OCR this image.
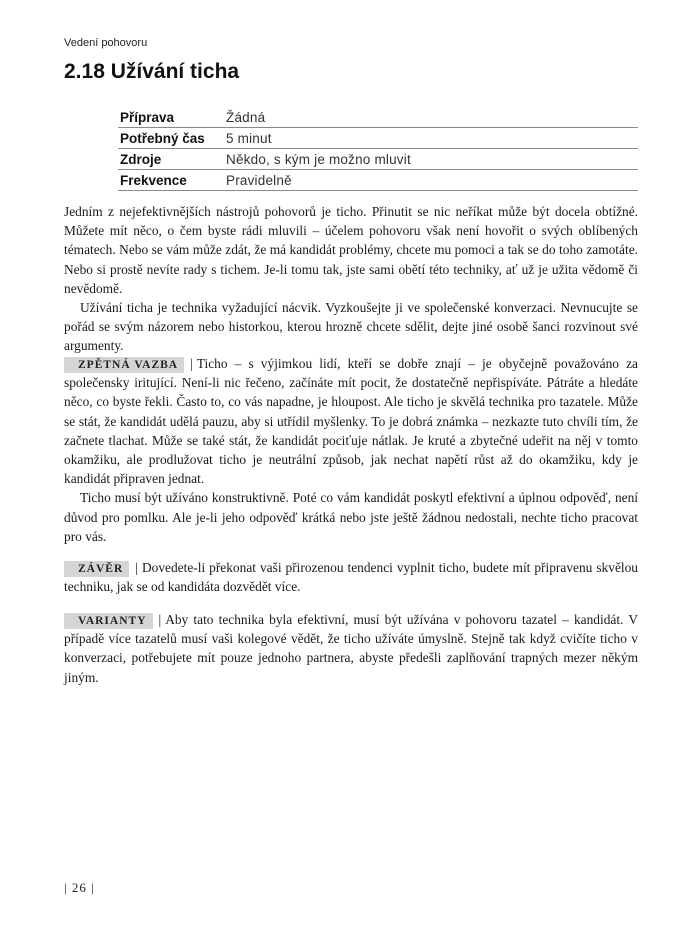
Vedení pohovoru
2.18 Užívání ticha
Příprava	Žádná
Potřebný čas	5 minut
Zdroje	Někdo, s kým je možno mluvit
Frekvence	Pravidelně

Jedním z nejefektivnějších nástrojů pohovorů je ticho. Přinutit se nic neříkat může být docela obtížné. Můžete mít něco, o čem byste rádi mluvili – účelem pohovoru však není hovořit o svých oblíbených tématech. Nebo se vám může zdát, že má kandidát problémy, chcete mu pomoci a tak se do toho zamotáte. Nebo si prostě nevíte rady s tichem. Je-li tomu tak, jste sami obětí této techniky, ať už je užita vědomě či nevědomě.

Užívání ticha je technika vyžadující nácvik. Vyzkoušejte ji ve společenské konverzaci. Nevnucujte se pořád se svým názorem nebo historkou, kterou hrozně chcete sdělit, dejte jiné osobě šanci rozvinout své argumenty.

ZPĚTNÁ VAZBA | Ticho – s výjimkou lidí, kteří se dobře znají – je obyčejně považováno za společensky iritující. Není-li nic řečeno, začínáte mít pocit, že dostatečně nepřispíváte. Pátráte a hledáte něco, co byste řekli. Často to, co vás napadne, je hloupost. Ale ticho je skvělá technika pro tazatele. Může se stát, že kandidát udělá pauzu, aby si utřídil myšlenky. To je dobrá známka – nezkazte tuto chvíli tím, že začnete tlachat. Může se také stát, že kandidát pociťuje nátlak. Je kruté a zbytečné udeřit na něj v tomto okamžiku, ale prodlužovat ticho je neutrální způsob, jak nechat napětí růst až do okamžiku, kdy je kandidát připraven jednat.

Ticho musí být užíváno konstruktivně. Poté co vám kandidát poskytl efektivní a úplnou odpověď, není důvod pro pomlku. Ale je-li jeho odpověď krátká nebo jste ještě žádnou nedostali, nechte ticho pracovat pro vás.

ZÁVĚR | Dovedete-li překonat vaši přirozenou tendenci vyplnit ticho, budete mít připravenu skvělou techniku, jak se od kandidáta dozvědět více.

VARIANTY | Aby tato technika byla efektivní, musí být užívána v pohovoru tazatel – kandidát. V případě více tazatelů musí vaši kolegové vědět, že ticho užíváte úmyslně. Stejně tak když cvičíte ticho v konverzaci, potřebujete mít pouze jednoho partnera, abyste předešli zaplňování trapných mezer někým jiným.

| 26 |
